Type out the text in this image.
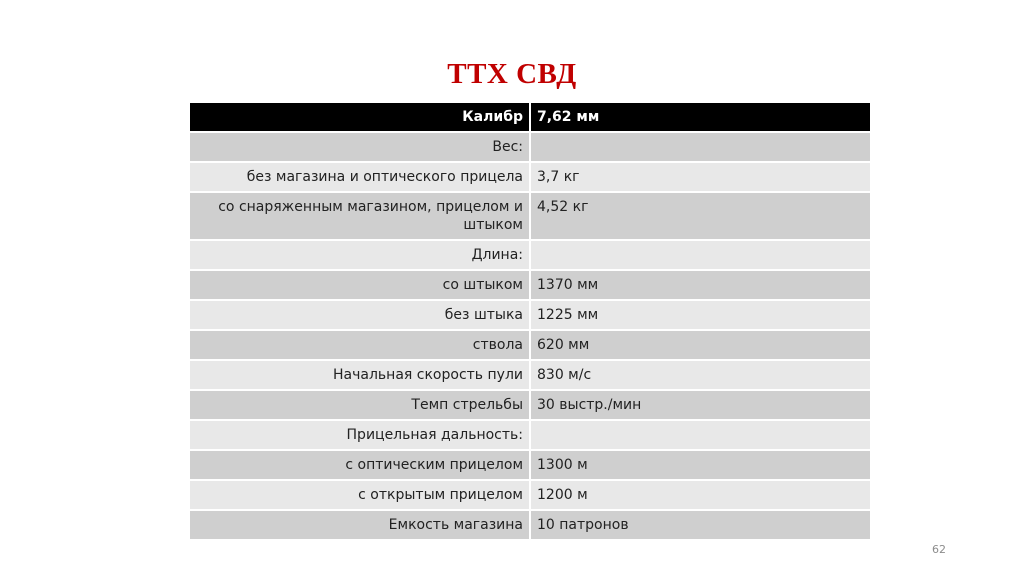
ТТХ СВД
Калибр	7,62 мм
Вес:	
без магазина и оптического прицела	3,7 кг
со снаряженным магазином, прицелом и штыком	4,52 кг
Длина:	
со штыком	1370 мм
без штыка	1225 мм
ствола	620 мм
Начальная скорость пули	830 м/с
Темп стрельбы	30 выстр./мин
Прицельная дальность:	
с оптическим прицелом	1300 м
с открытым прицелом	1200 м
Емкость магазина	10 патронов
62
